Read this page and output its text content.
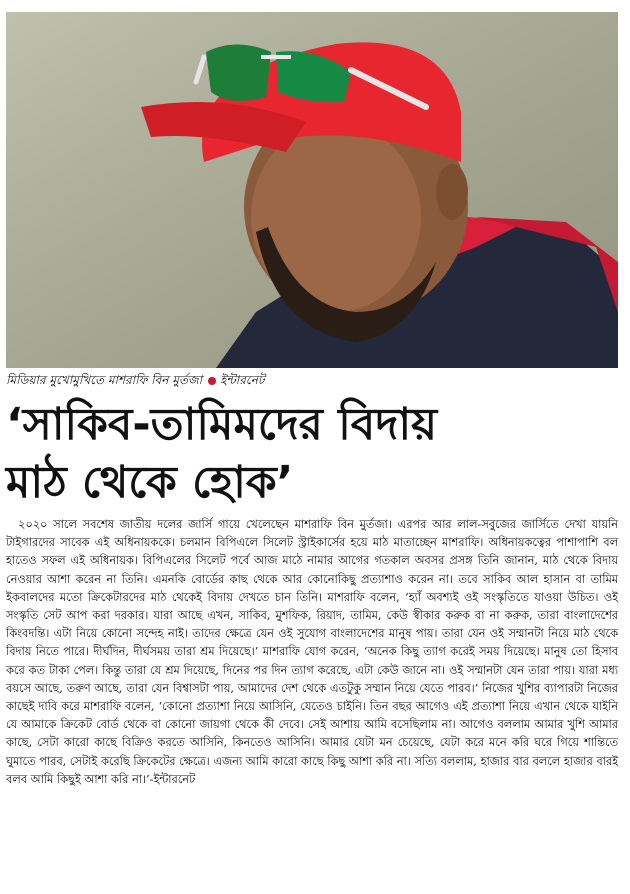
মিডিয়ার মুখোমুখিতে মাশরাফি বিন মুর্তজা ইন্টারনেট
‘সাকিব-তামিমদের বিদায়
মাঠ থেকে হোক’

২০২০ সালে সবশেষ জাতীয় দলের জার্সি গায়ে খেলেছেন মাশরাফি বিন মুর্তজা। এরপর আর লাল-সবুজের জার্সিতে দেখা যায়নি টাইগারদের সাবেক এই অধিনায়ককে। চলমান বিপিএলে সিলেট স্ট্রাইকার্সের হয়ে মাঠ মাতাচ্ছেন মাশরাফি। অধিনায়কত্বের পাশাপাশি বল হাতেও সফল এই অধিনায়ক। বিপিএলের সিলেট পর্বে আজ মাঠে নামার আগের গতকাল অবসর প্রসঙ্গ তিনি জানান, মাঠ থেকে বিদায় নেওয়ার আশা করেন না তিনি। এমনকি বোর্ডের কাছ থেকে আর কোনোকিছু প্রত্যাশাও করেন না। তবে সাকিব আল হাসান বা তামিম ইকবালদের মতো ক্রিকেটারদের মাঠ থেকেই বিদায় দেখতে চান তিনি। মাশরাফি বলেন, ‘হ্যাঁ অবশ্যই ওই সংস্কৃতিতে যাওয়া উচিত। ওই সংস্কৃতি সেট আপ করা দরকার। যারা আছে এখন, সাকিব, মুশফিক, রিয়াদ, তামিম, কেউ স্বীকার করুক বা না করুক, তারা বাংলাদেশের কিংবদন্তি। এটা নিয়ে কোনো সন্দেহ নাই। তাদের ক্ষেত্রে যেন ওই সুযোগ বাংলাদেশের মানুষ পায়। তারা যেন ওই সম্মানটা নিয়ে মাঠ থেকে বিদায় নিতে পারে। দীর্ঘদিন, দীর্ঘসময় তারা শ্রম দিয়েছে।’ মাশরাফি যোগ করেন, ‘অনেক কিছু ত্যাগ করেই সময় দিয়েছে। মানুষ তো হিসাব করে কত টাকা পেল। কিন্তু তারা যে শ্রম দিয়েছে, দিনের পর দিন ত্যাগ করেছে, এটা কেউ জানে না। ওই সম্মানটা যেন তারা পায়। যারা মধ্য বয়সে আছে, তরুণ আছে, তারা যেন বিশ্বাসটা পায়, আমাদের দেশ থেকে এতটুকু সম্মান নিয়ে যেতে পারব।’ নিজের খুশির ব্যাপারটা নিজের কাছেই দাবি করে মাশরাফি বলেন, ‘কোনো প্রত্যাশা নিয়ে আসিনি, যেতেও চাইনি। তিন বছর আগেও এই প্রত্যাশা নিয়ে এখান থেকে যাইনি যে আমাকে ক্রিকেট বোর্ড থেকে বা কোনো জায়গা থেকে কী দেবে। সেই আশায় আমি বসেছিলাম না। আগেও বললাম আমার খুশি আমার কাছে, সেটা কারো কাছে বিক্রিও করতে আসিনি, কিনতেও আসিনি। আমার যেটা মন চেয়েছে, যেটা করে মনে করি ঘরে গিয়ে শান্তিতে ঘুমাতে পারব, সেটাই করেছি ক্রিকেটের ক্ষেত্রে। এজন্য আমি কারো কাছে কিছু আশা করি না। সত্যি বললাম, হাজার বার বললে হাজার বারই বলব আমি কিছুই আশা করি না।’-ইন্টারনেট
